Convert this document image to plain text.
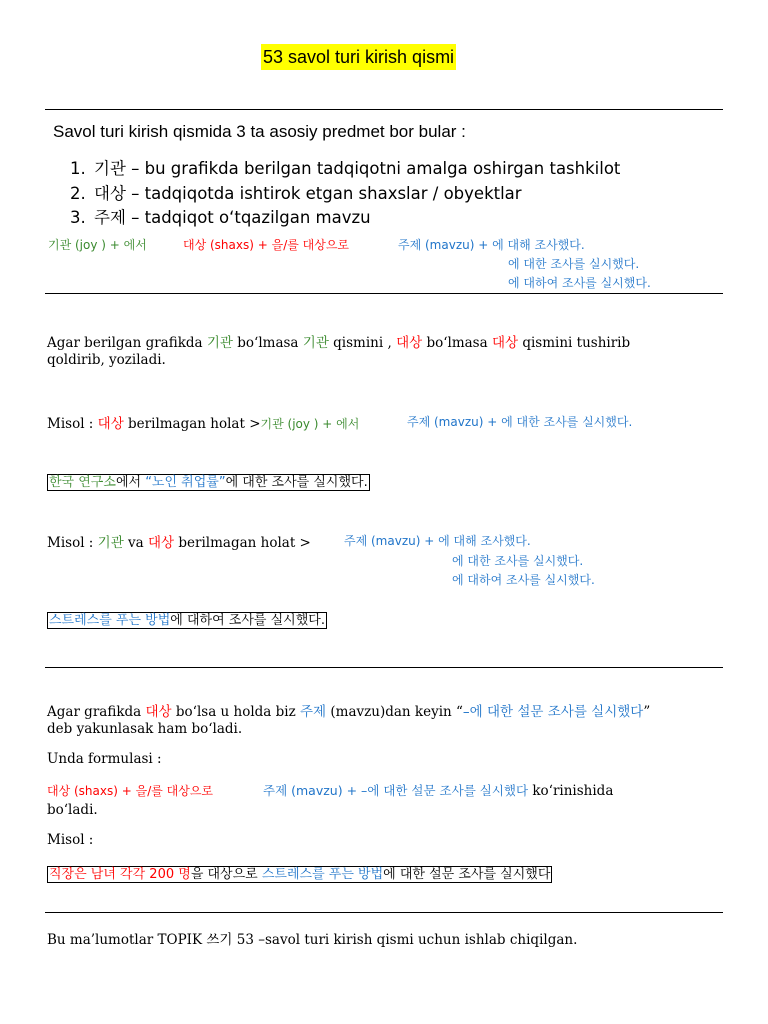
53 savol turi kirish qismi
Savol turi kirish qismida 3 ta asosiy predmet bor bular :
1. 기관 – bu grafikda berilgan tadqiqotni amalga oshirgan tashkilot
2. 대상 – tadqiqotda ishtirok etgan shaxslar / obyektlar
3. 주제 – tadqiqot o‘tqazilgan mavzu
기관 (joy ) + 에서	대상 (shaxs) + 을/를 대상으로	주제 (mavzu) + 에 대해 조사했다.
에 대한 조사를 실시했다.
에 대하여 조사를 실시했다.
Agar berilgan grafikda 기관 bo‘lmasa 기관 qismini , 대상 bo‘lmasa 대상 qismini tushirib
qoldirib, yoziladi.
Misol : 대상 berilmagan holat >기관 (joy ) + 에서	주제 (mavzu) + 에 대한 조사를 실시했다.
한국 연구소에서 “노인 취업률”에 대한 조사를 실시했다.
Misol : 기관 va 대상 berilmagan holat >	주제 (mavzu) + 에 대해 조사했다.
에 대한 조사를 실시했다.
에 대하여 조사를 실시했다.
스트레스를 푸는 방법에 대하여 조사를 실시했다.
Agar grafikda 대상 bo‘lsa u holda biz 주제 (mavzu)dan keyin “–에 대한 설문 조사를 실시했다”
deb yakunlasak ham bo‘ladi.
Unda formulasi :
대상 (shaxs) + 을/를 대상으로	주제 (mavzu) + –에 대한 설문 조사를 실시했다 ko‘rinishida
bo‘ladi.
Misol :
직장은 남녀 각각 200 명을 대상으로 스트레스를 푸는 방법에 대한 설문 조사를 실시했다
Bu ma’lumotlar TOPIK 쓰기 53 –savol turi kirish qismi uchun ishlab chiqilgan.
